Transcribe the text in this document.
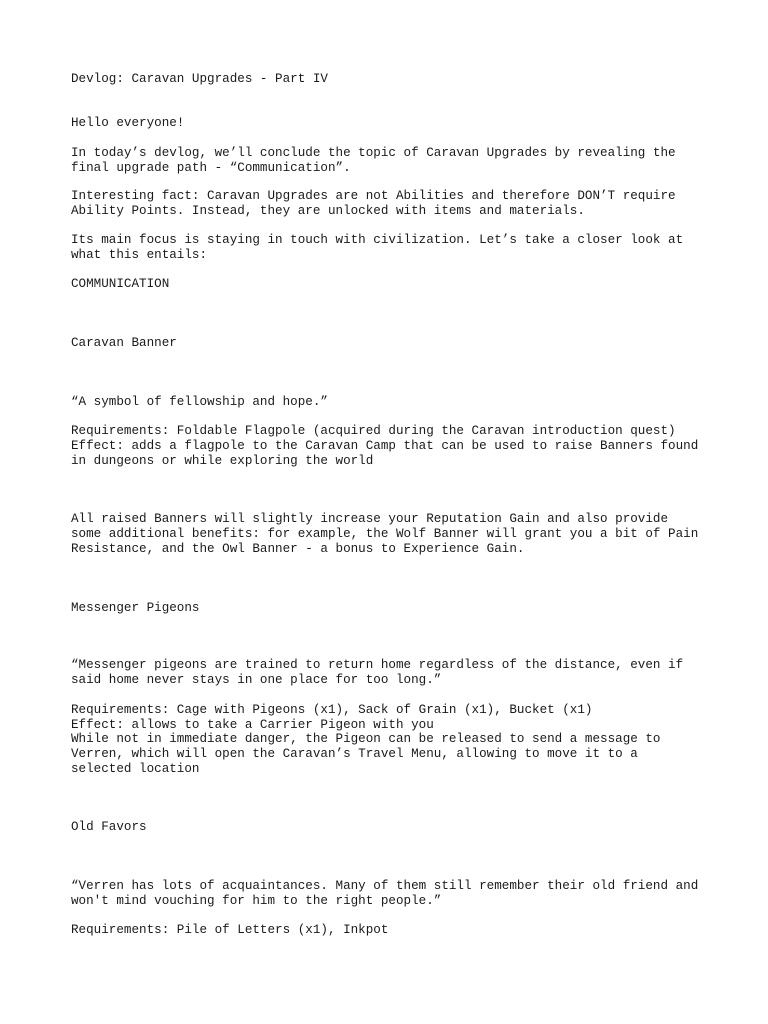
Devlog: Caravan Upgrades - Part IV

Hello everyone!

In today’s devlog, we’ll conclude the topic of Caravan Upgrades by revealing the

final upgrade path - “Communication”.

Interesting fact: Caravan Upgrades are not Abilities and therefore DON’T require

Ability Points. Instead, they are unlocked with items and materials.

Its main focus is staying in touch with civilization. Let’s take a closer look at

what this entails:

COMMUNICATION

Caravan Banner

“A symbol of fellowship and hope.”

Requirements: Foldable Flagpole (acquired during the Caravan introduction quest)

Effect: adds a flagpole to the Caravan Camp that can be used to raise Banners found

in dungeons or while exploring the world

All raised Banners will slightly increase your Reputation Gain and also provide

some additional benefits: for example, the Wolf Banner will grant you a bit of Pain

Resistance, and the Owl Banner - a bonus to Experience Gain.

Messenger Pigeons

“Messenger pigeons are trained to return home regardless of the distance, even if

said home never stays in one place for too long.”

Requirements: Cage with Pigeons (x1), Sack of Grain (x1), Bucket (x1)

Effect: allows to take a Carrier Pigeon with you

While not in immediate danger, the Pigeon can be released to send a message to

Verren, which will open the Caravan’s Travel Menu, allowing to move it to a

selected location

Old Favors

“Verren has lots of acquaintances. Many of them still remember their old friend and

won't mind vouching for him to the right people.”

Requirements: Pile of Letters (x1), Inkpot
